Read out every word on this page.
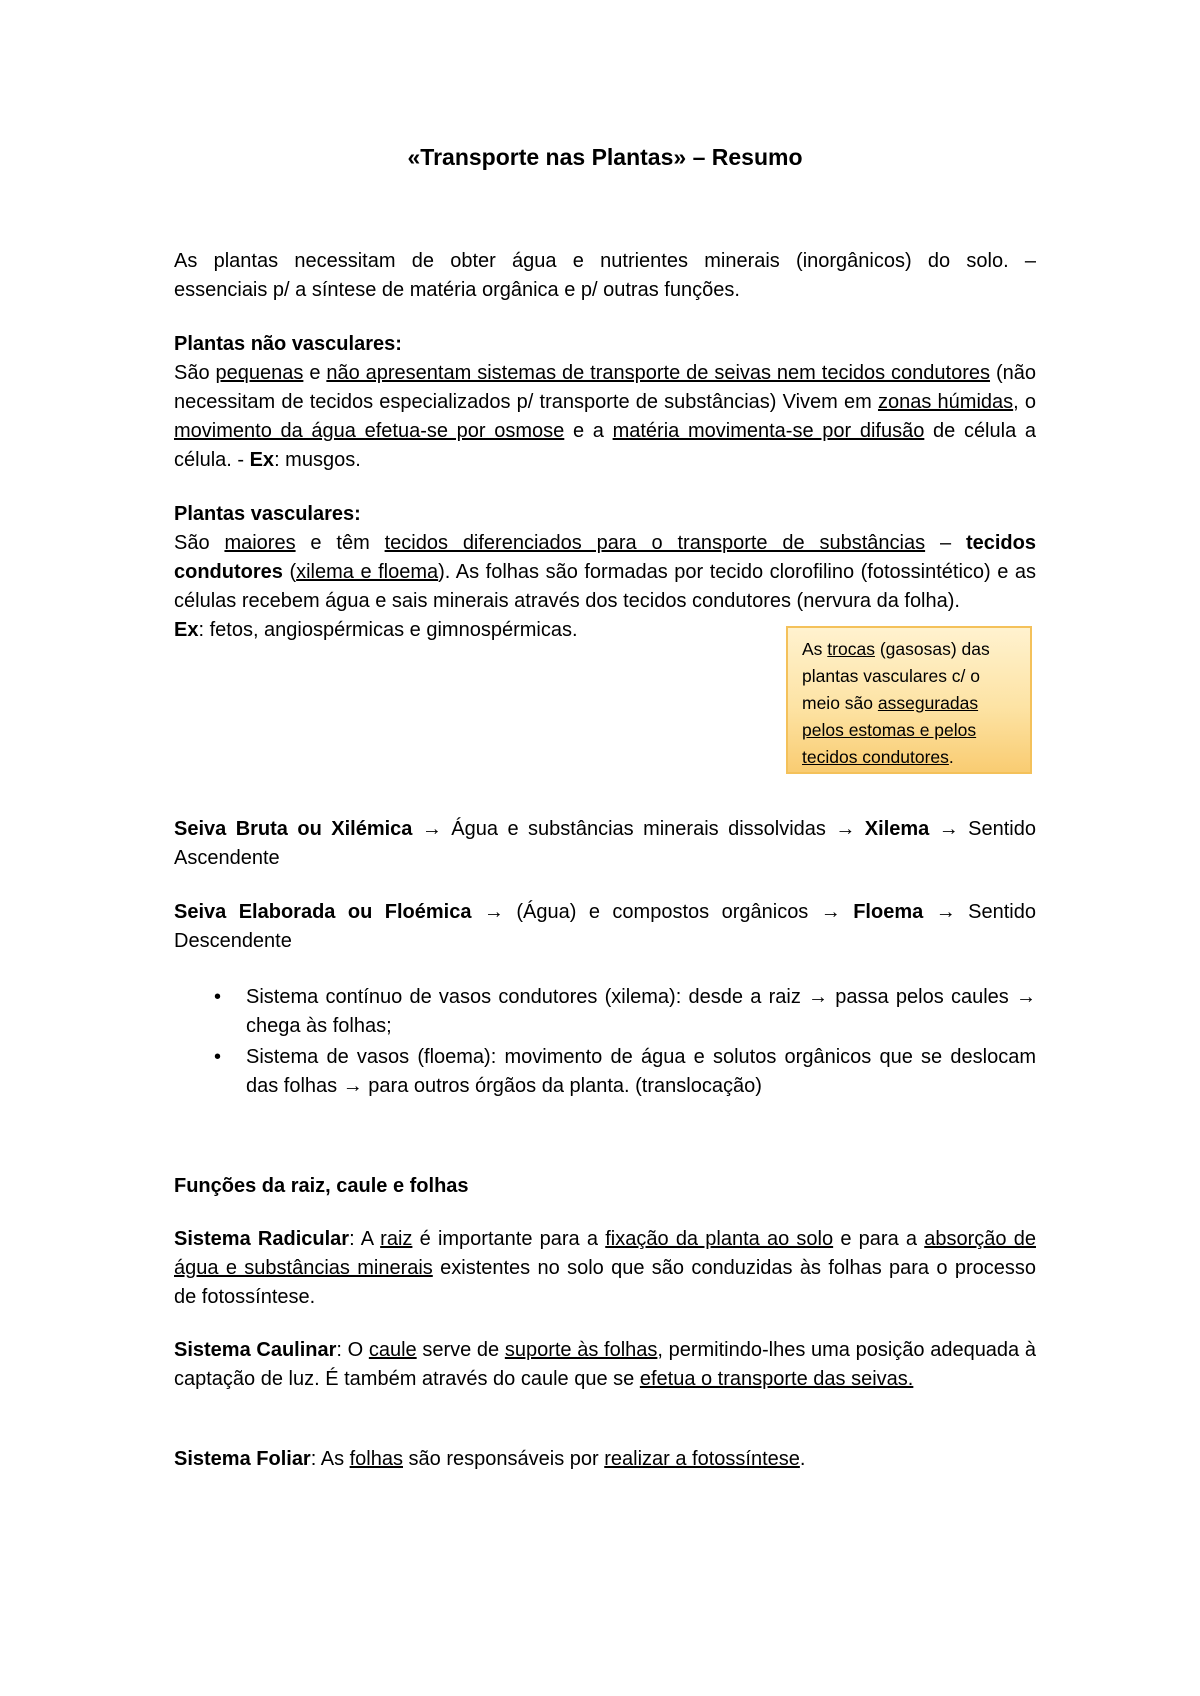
«Transporte nas Plantas» – Resumo

As plantas necessitam de obter água e nutrientes minerais (inorgânicos) do solo. –
essenciais p/ a síntese de matéria orgânica e p/ outras funções.

Plantas não vasculares:
São pequenas e não apresentam sistemas de transporte de seivas nem tecidos condutores (não necessitam de tecidos especializados p/ transporte de substâncias) Vivem em zonas húmidas, o movimento da água efetua-se por osmose e a matéria movimenta-se por difusão de célula a célula. - Ex: musgos.

Plantas vasculares:
São maiores e têm tecidos diferenciados para o transporte de substâncias – tecidos condutores (xilema e floema). As folhas são formadas por tecido clorofilino (fotossintético) e as células recebem água e sais minerais através dos tecidos condutores (nervura da folha).
Ex: fetos, angiospérmicas e gimnospérmicas.

As trocas (gasosas) das plantas vasculares c/ o meio são asseguradas pelos estomas e pelos tecidos condutores.

Seiva Bruta ou Xilémica → Água e substâncias minerais dissolvidas → Xilema → Sentido Ascendente

Seiva Elaborada ou Floémica → (Água) e compostos orgânicos → Floema → Sentido Descendente

• Sistema contínuo de vasos condutores (xilema): desde a raiz → passa pelos caules → chega às folhas;
• Sistema de vasos (floema): movimento de água e solutos orgânicos que se deslocam das folhas → para outros órgãos da planta. (translocação)

Funções da raiz, caule e folhas

Sistema Radicular: A raiz é importante para a fixação da planta ao solo e para a absorção de água e substâncias minerais existentes no solo que são conduzidas às folhas para o processo de fotossíntese.

Sistema Caulinar: O caule serve de suporte às folhas, permitindo-lhes uma posição adequada à captação de luz. É também através do caule que se efetua o transporte das seivas.

Sistema Foliar: As folhas são responsáveis por realizar a fotossíntese.
